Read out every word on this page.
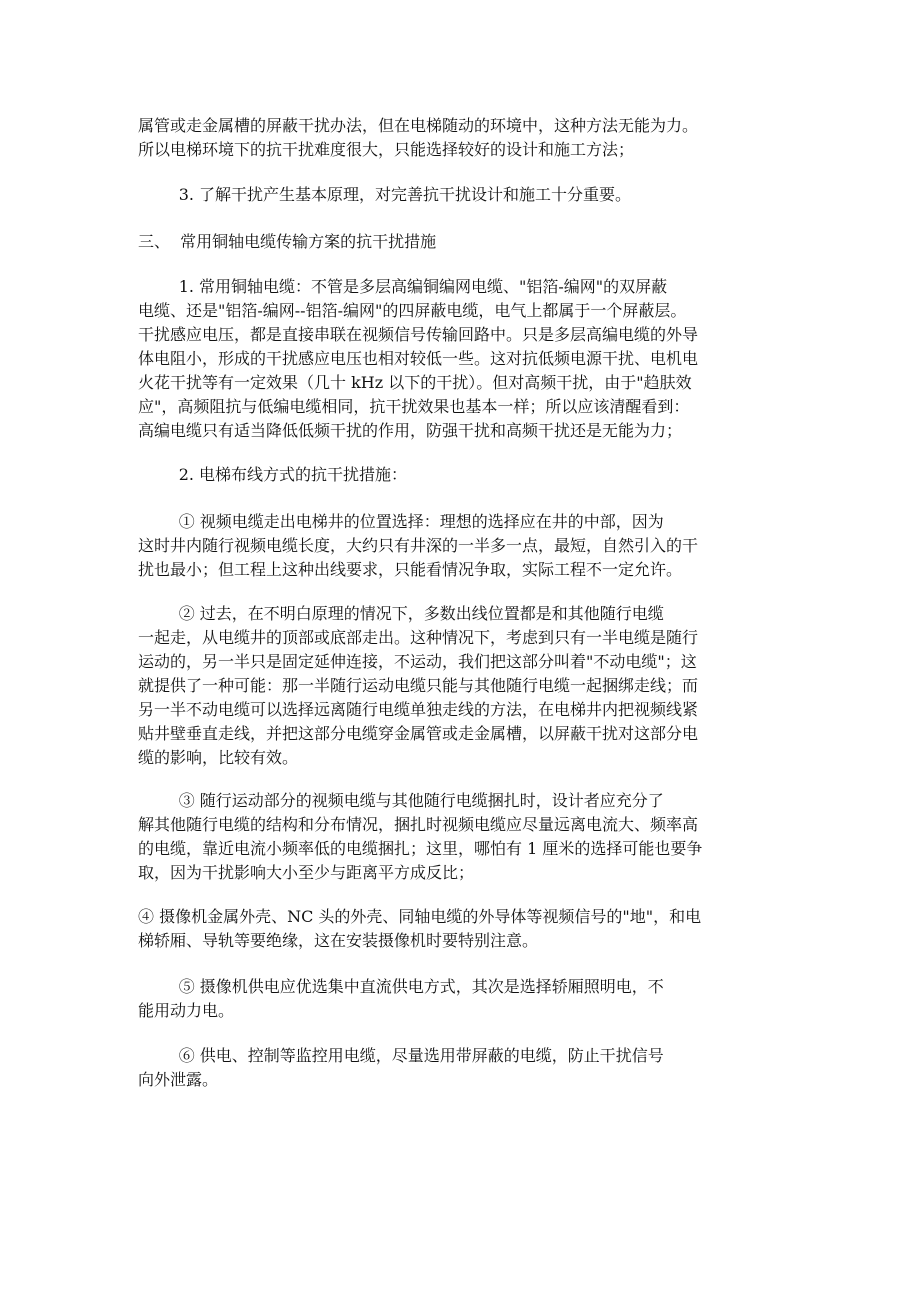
属管或走金属槽的屏蔽干扰办法，但在电梯随动的环境中，这种方法无能为力。
所以电梯环境下的抗干扰难度很大，只能选择较好的设计和施工方法；
3. 了解干扰产生基本原理，对完善抗干扰设计和施工十分重要。
三、  常用铜轴电缆传输方案的抗干扰措施
1. 常用铜轴电缆：不管是多层高编铜编网电缆、"铝箔-编网"的双屏蔽
电缆、还是"铝箔-编网--铝箔-编网"的四屏蔽电缆，电气上都属于一个屏蔽层。
干扰感应电压，都是直接串联在视频信号传输回路中。只是多层高编电缆的外导
体电阻小，形成的干扰感应电压也相对较低一些。这对抗低频电源干扰、电机电
火花干扰等有一定效果（几十 kHz 以下的干扰）。但对高频干扰，由于"趋肤效
应"，高频阻抗与低编电缆相同，抗干扰效果也基本一样；所以应该清醒看到：
高编电缆只有适当降低低频干扰的作用，防强干扰和高频干扰还是无能为力；
2. 电梯布线方式的抗干扰措施：
① 视频电缆走出电梯井的位置选择：理想的选择应在井的中部，因为
这时井内随行视频电缆长度，大约只有井深的一半多一点，最短，自然引入的干
扰也最小；但工程上这种出线要求，只能看情况争取，实际工程不一定允许。
② 过去，在不明白原理的情况下，多数出线位置都是和其他随行电缆
一起走，从电缆井的顶部或底部走出。这种情况下，考虑到只有一半电缆是随行
运动的，另一半只是固定延伸连接，不运动，我们把这部分叫着"不动电缆"；这
就提供了一种可能：那一半随行运动电缆只能与其他随行电缆一起捆绑走线；而
另一半不动电缆可以选择远离随行电缆单独走线的方法，在电梯井内把视频线紧
贴井壁垂直走线，并把这部分电缆穿金属管或走金属槽，以屏蔽干扰对这部分电
缆的影响，比较有效。
③ 随行运动部分的视频电缆与其他随行电缆捆扎时，设计者应充分了
解其他随行电缆的结构和分布情况，捆扎时视频电缆应尽量远离电流大、频率高
的电缆，靠近电流小频率低的电缆捆扎；这里，哪怕有 1 厘米的选择可能也要争
取，因为干扰影响大小至少与距离平方成反比；
④ 摄像机金属外壳、NC 头的外壳、同轴电缆的外导体等视频信号的"地"，和电
梯轿厢、导轨等要绝缘，这在安装摄像机时要特别注意。
⑤ 摄像机供电应优选集中直流供电方式，其次是选择轿厢照明电，不
能用动力电。
⑥ 供电、控制等监控用电缆，尽量选用带屏蔽的电缆，防止干扰信号
向外泄露。
